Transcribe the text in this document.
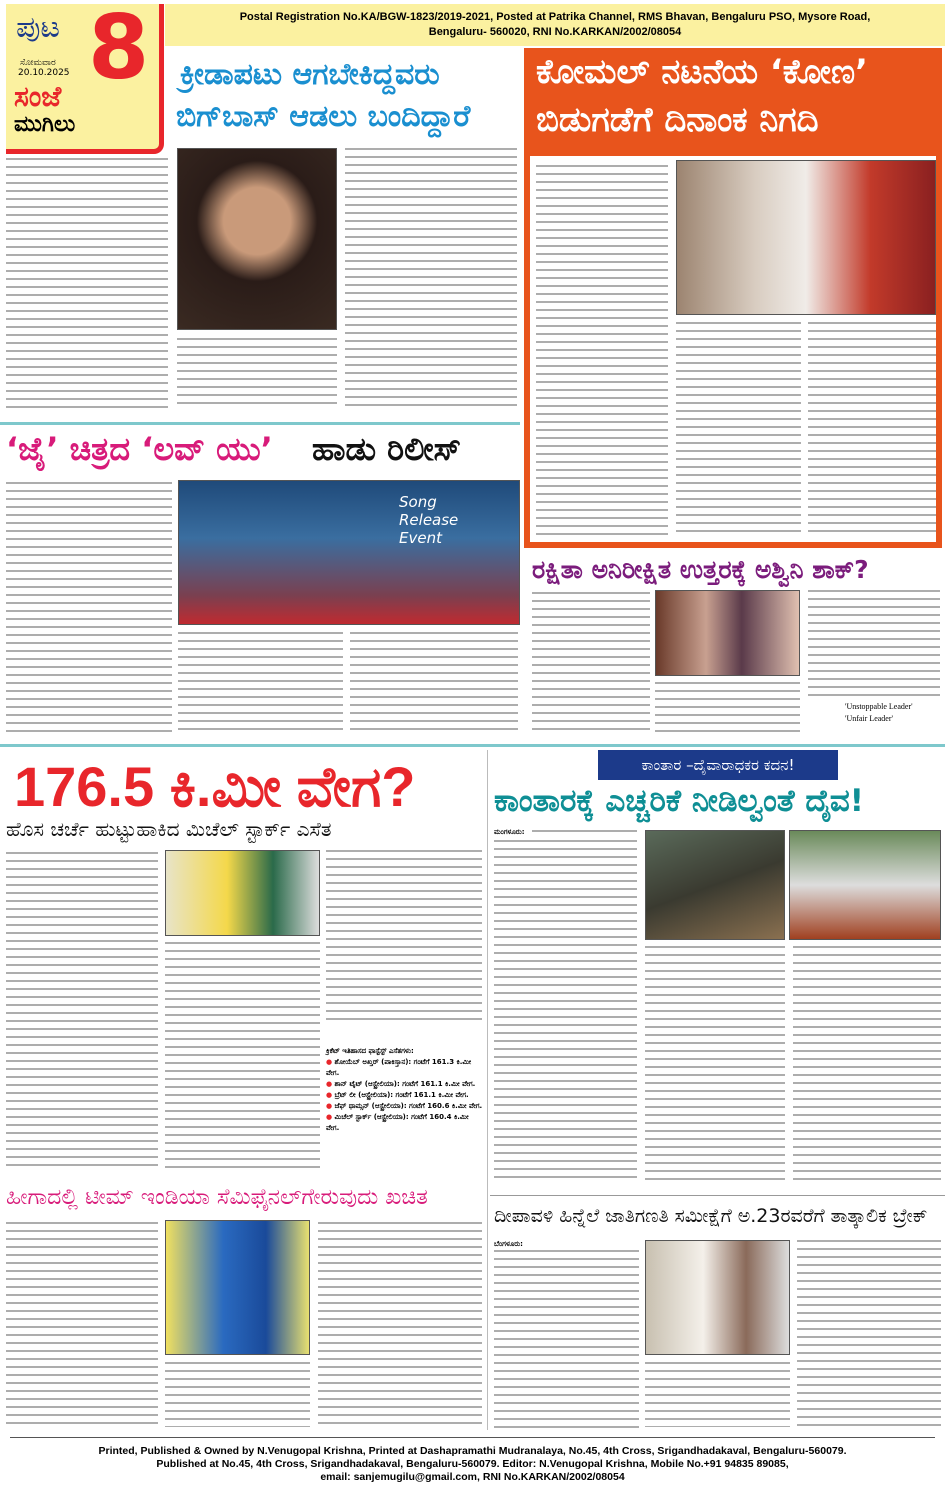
ಪುಟ 8
ಸೋಮವಾರ
20.10.2025
ಸಂಜೆ
ಮುಗಿಲು
Postal Registration No.KA/BGW-1823/2019-2021, Posted at Patrika Channel, RMS Bhavan, Bengaluru PSO, Mysore Road,
Bengaluru- 560020, RNI No.KARKAN/2002/08054
ಕ್ರೀಡಾಪಟು ಆಗಬೇಕಿದ್ದವರು
ಬಿಗ್‌ಬಾಸ್ ಆಡಲು ಬಂದಿದ್ದಾರೆ
ಕೋಮಲ್ ನಟನೆಯ ‘ಕೋಣ’
ಬಿಡುಗಡೆಗೆ ದಿನಾಂಕ ನಿಗದಿ
‘ಜೈ’ ಚಿತ್ರದ ‘ಲವ್ ಯು’ ಹಾಡು ರಿಲೀಸ್
Song Release Event
ರಕ್ಷಿತಾ ಅನಿರೀಕ್ಷಿತ ಉತ್ತರಕ್ಕೆ ಅಶ್ವಿನಿ ಶಾಕ್?
'Unstoppable Leader'
'Unfair Leader'
176.5 ಕಿ.ಮೀ ವೇಗ?
ಹೊಸ ಚರ್ಚೆ ಹುಟ್ಟುಹಾಕಿದ ಮಿಚೆಲ್ ಸ್ಟಾರ್ಕ್ ಎಸೆತ
ಕ್ರಿಕೆಟ್ ಇತಿಹಾಸದ ಫಾಸ್ಟೆಸ್ಟ್ ಎಸೆತಗಳು:
● ಶೋಯೆಬ್ ಅಖ್ತರ್ (ಪಾಕಿಸ್ತಾನ): ಗಂಟೆಗೆ 161.3 ಕಿ.ಮೀ ವೇಗ.
● ಶಾನ್ ಟೈಟ್ (ಆಸ್ಟ್ರೇಲಿಯಾ): ಗಂಟೆಗೆ 161.1 ಕಿ.ಮೀ ವೇಗ.
● ಬ್ರೆಟ್ ಲೀ (ಆಸ್ಟ್ರೇಲಿಯಾ): ಗಂಟೆಗೆ 161.1 ಕಿ.ಮೀ ವೇಗ.
● ಜೆಫ್ ಥಾಮ್ಸನ್ (ಆಸ್ಟ್ರೇಲಿಯಾ): ಗಂಟೆಗೆ 160.6 ಕಿ.ಮೀ ವೇಗ.
● ಮಿಚೆಲ್ ಸ್ಟಾರ್ಕ್ (ಆಸ್ಟ್ರೇಲಿಯಾ): ಗಂಟೆಗೆ 160.4 ಕಿ.ಮೀ ವೇಗ.
ಕಾಂತಾರ –ದೈವಾರಾಧಕರ ಕದನ!
ಕಾಂತಾರಕ್ಕೆ ಎಚ್ಚರಿಕೆ ನೀಡಿಲ್ವಂತೆ ದೈವ!
ಮಂಗಳೂರು:
ಹೀಗಾದಲ್ಲಿ ಟೀಮ್ ಇಂಡಿಯಾ ಸೆಮಿಫೈನಲ್‌ಗೇರುವುದು ಖಚಿತ
ದೀಪಾವಳಿ ಹಿನ್ನೆಲೆ ಜಾತಿಗಣತಿ ಸಮೀಕ್ಷೆಗೆ ಅ.23ರವರೆಗೆ ತಾತ್ಕಾಲಿಕ ಬ್ರೇಕ್
ಬೆಂಗಳೂರು:
Printed, Published & Owned by N.Venugopal Krishna, Printed at Dashapramathi Mudranalaya, No.45, 4th Cross, Srigandhadakaval, Bengaluru-560079.
Published at No.45, 4th Cross, Srigandhadakaval, Bengaluru-560079. Editor: N.Venugopal Krishna, Mobile No.+91 94835 89085,
email: sanjemugilu@gmail.com, RNI No.KARKAN/2002/08054
